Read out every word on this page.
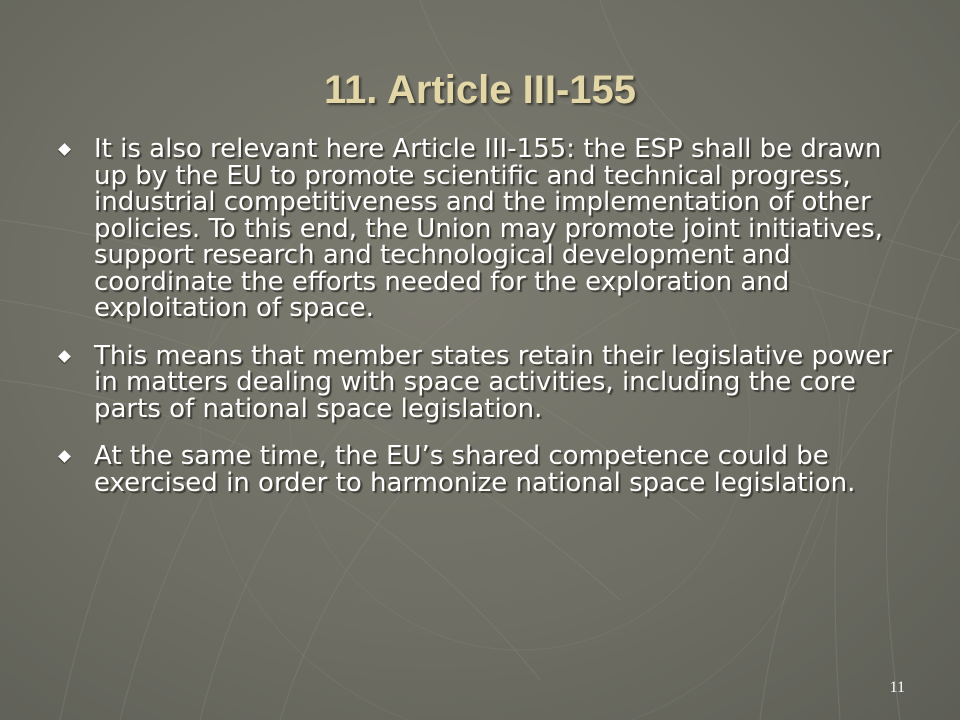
11. Article III-155
It is also relevant here Article III-155: the ESP shall be drawn up by the EU to promote scientific and technical progress, industrial competitiveness and the implementation of other policies. To this end, the Union may promote joint initiatives, support research and technological development and coordinate the efforts needed for the exploration and exploitation of space.
This means that member states retain their legislative power in matters dealing with space activities, including the core parts of national space legislation.
At the same time, the EU’s shared competence could be exercised in order to harmonize national space legislation.
11
